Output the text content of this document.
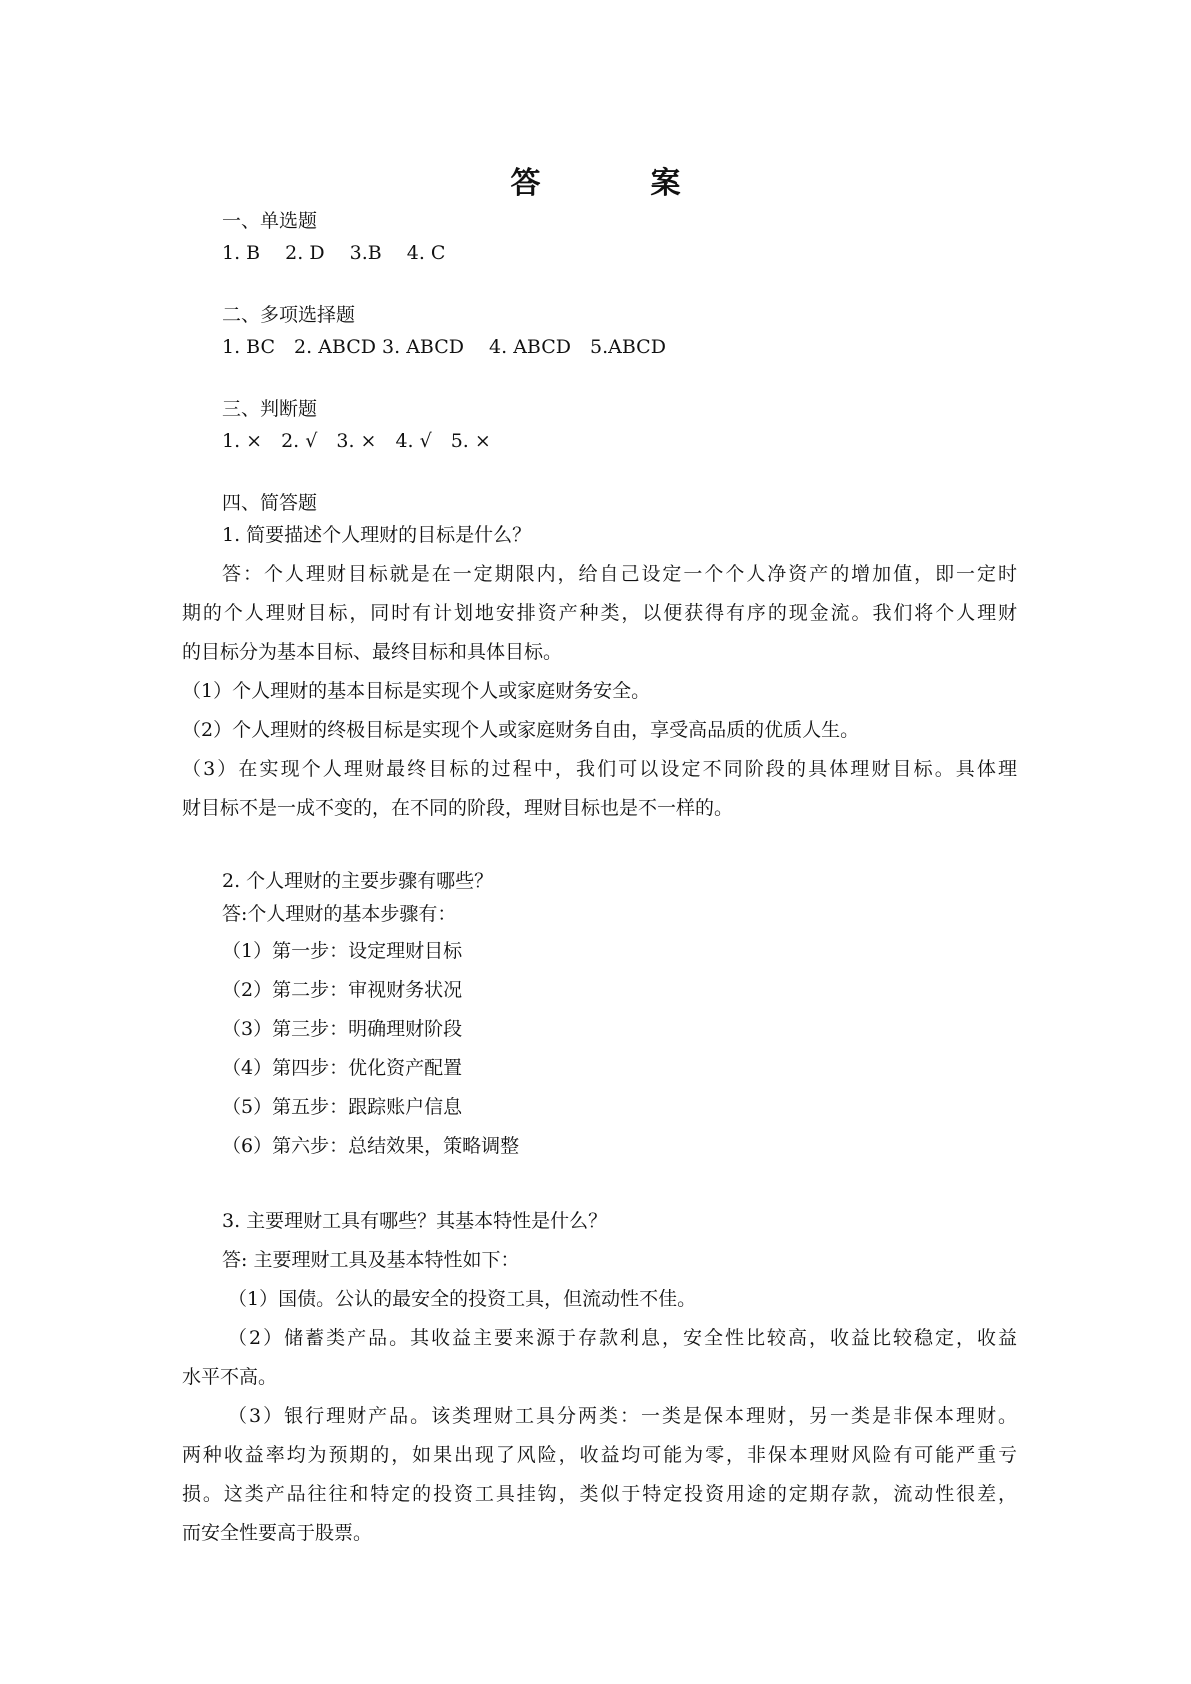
答　案
一、单选题
1. B　 2. D　 3.B　 4. C
二、多项选择题
1. BC　2. ABCD 3. ABCD　 4. ABCD　5.ABCD
三、判断题
1. ×　2. √　3. ×　4. √　5. ×
四、简答题
1. 简要描述个人理财的目标是什么？
答：个人理财目标就是在一定期限内，给自己设定一个个人净资产的增加值，即一定时
期的个人理财目标，同时有计划地安排资产种类，以便获得有序的现金流。我们将个人理财
的目标分为基本目标、最终目标和具体目标。
（1）个人理财的基本目标是实现个人或家庭财务安全。
（2）个人理财的终极目标是实现个人或家庭财务自由，享受高品质的优质人生。
（3）在实现个人理财最终目标的过程中，我们可以设定不同阶段的具体理财目标。具体理
财目标不是一成不变的，在不同的阶段，理财目标也是不一样的。
2. 个人理财的主要步骤有哪些？
答:个人理财的基本步骤有：
（1）第一步：设定理财目标
（2）第二步：审视财务状况
（3）第三步：明确理财阶段
（4）第四步：优化资产配置
（5）第五步：跟踪账户信息
（6）第六步：总结效果，策略调整
3. 主要理财工具有哪些？其基本特性是什么？
答: 主要理财工具及基本特性如下：
（1）国债。公认的最安全的投资工具，但流动性不佳。
（2）储蓄类产品。其收益主要来源于存款利息，安全性比较高，收益比较稳定，收益
水平不高。
（3）银行理财产品。该类理财工具分两类：一类是保本理财，另一类是非保本理财。
两种收益率均为预期的，如果出现了风险，收益均可能为零，非保本理财风险有可能严重亏
损。这类产品往往和特定的投资工具挂钩，类似于特定投资用途的定期存款，流动性很差，
而安全性要高于股票。
